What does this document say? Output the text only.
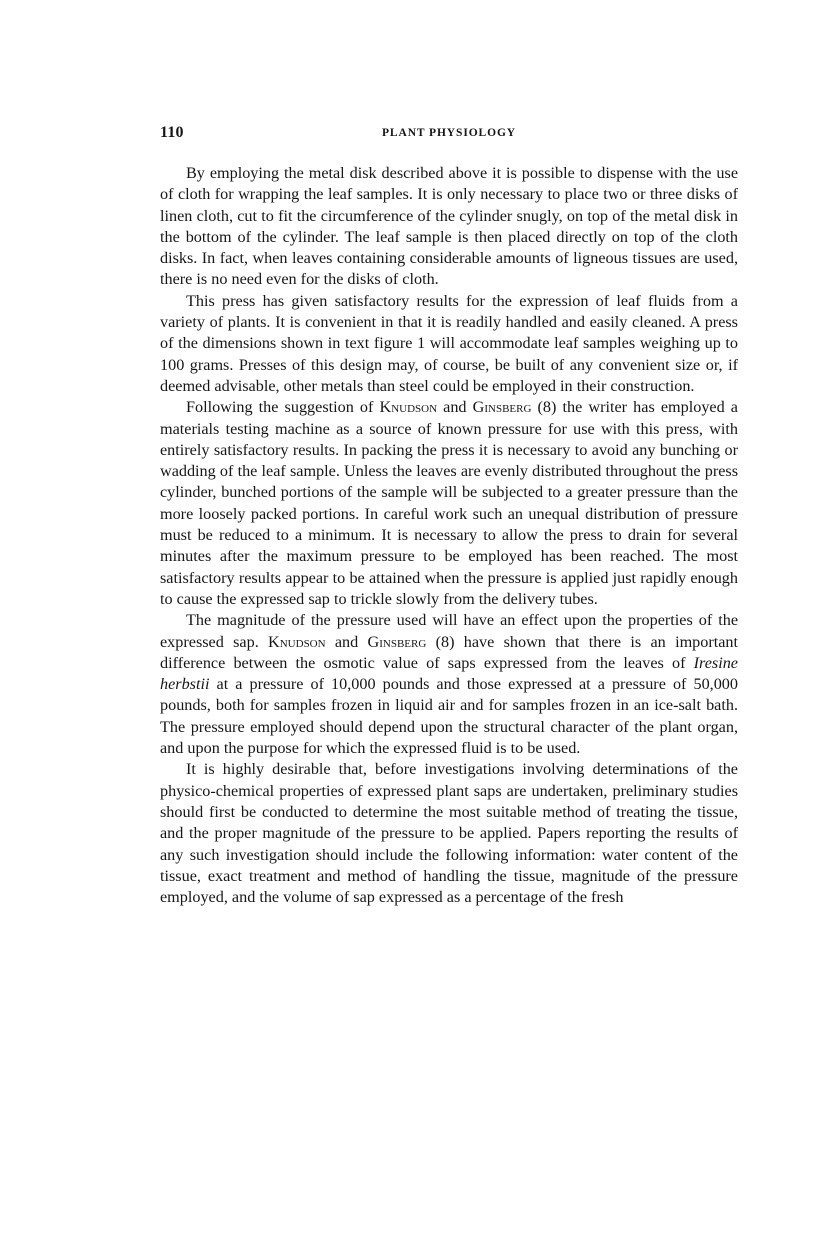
110	PLANT PHYSIOLOGY

By employing the metal disk described above it is possible to dispense with the use of cloth for wrapping the leaf samples. It is only necessary to place two or three disks of linen cloth, cut to fit the circumference of the cylinder snugly, on top of the metal disk in the bottom of the cylinder. The leaf sample is then placed directly on top of the cloth disks. In fact, when leaves containing considerable amounts of ligneous tissues are used, there is no need even for the disks of cloth.

This press has given satisfactory results for the expression of leaf fluids from a variety of plants. It is convenient in that it is readily handled and easily cleaned. A press of the dimensions shown in text figure 1 will accommodate leaf samples weighing up to 100 grams. Presses of this design may, of course, be built of any convenient size or, if deemed advisable, other metals than steel could be employed in their construction.

Following the suggestion of Knudson and Ginsberg (8) the writer has employed a materials testing machine as a source of known pressure for use with this press, with entirely satisfactory results. In packing the press it is necessary to avoid any bunching or wadding of the leaf sample. Unless the leaves are evenly distributed throughout the press cylinder, bunched portions of the sample will be subjected to a greater pressure than the more loosely packed portions. In careful work such an unequal distribution of pressure must be reduced to a minimum. It is necessary to allow the press to drain for several minutes after the maximum pressure to be employed has been reached. The most satisfactory results appear to be attained when the pressure is applied just rapidly enough to cause the expressed sap to trickle slowly from the delivery tubes.

The magnitude of the pressure used will have an effect upon the properties of the expressed sap. Knudson and Ginsberg (8) have shown that there is an important difference between the osmotic value of saps expressed from the leaves of Iresine herbstii at a pressure of 10,000 pounds and those expressed at a pressure of 50,000 pounds, both for samples frozen in liquid air and for samples frozen in an ice-salt bath. The pressure employed should depend upon the structural character of the plant organ, and upon the purpose for which the expressed fluid is to be used.

It is highly desirable that, before investigations involving determinations of the physico-chemical properties of expressed plant saps are undertaken, preliminary studies should first be conducted to determine the most suitable method of treating the tissue, and the proper magnitude of the pressure to be applied. Papers reporting the results of any such investigation should include the following information: water content of the tissue, exact treatment and method of handling the tissue, magnitude of the pressure employed, and the volume of sap expressed as a percentage of the fresh
